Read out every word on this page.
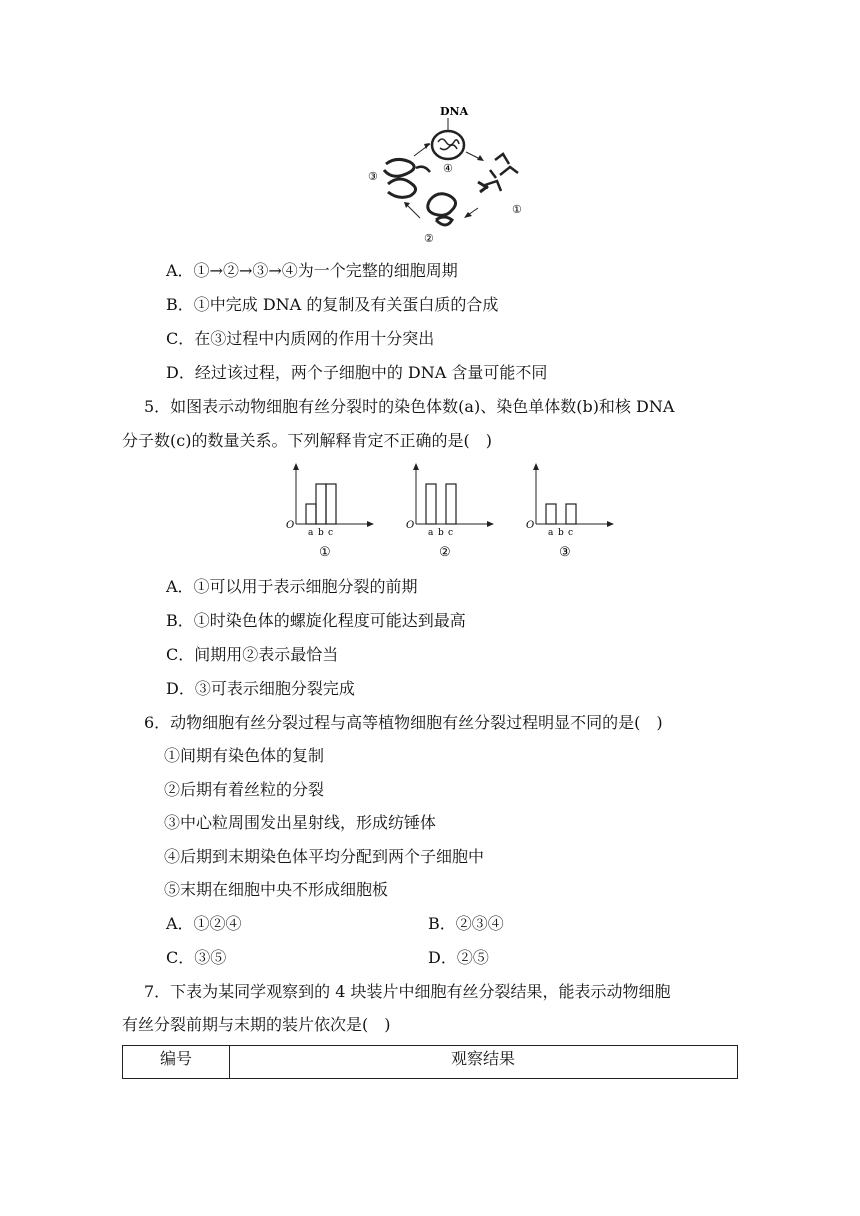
DNA
④
①
②
③
A．①→②→③→④为一个完整的细胞周期
B．①中完成 DNA 的复制及有关蛋白质的合成
C．在③过程中内质网的作用十分突出
D．经过该过程，两个子细胞中的 DNA 含量可能不同
5．如图表示动物细胞有丝分裂时的染色体数(a)、染色单体数(b)和核 DNA
分子数(c)的数量关系。下列解释肯定不正确的是(　)
O
a b c
①
O
a b c
②
O
a b c
③
A．①可以用于表示细胞分裂的前期
B．①时染色体的螺旋化程度可能达到最高
C．间期用②表示最恰当
D．③可表示细胞分裂完成
6．动物细胞有丝分裂过程与高等植物细胞有丝分裂过程明显不同的是(　)
①间期有染色体的复制
②后期有着丝粒的分裂
③中心粒周围发出星射线，形成纺锤体
④后期到末期染色体平均分配到两个子细胞中
⑤末期在细胞中央不形成细胞板
A．①②④	B．②③④
C．③⑤	D．②⑤
7．下表为某同学观察到的 4 块装片中细胞有丝分裂结果，能表示动物细胞
有丝分裂前期与末期的装片依次是(　)
编号	观察结果
